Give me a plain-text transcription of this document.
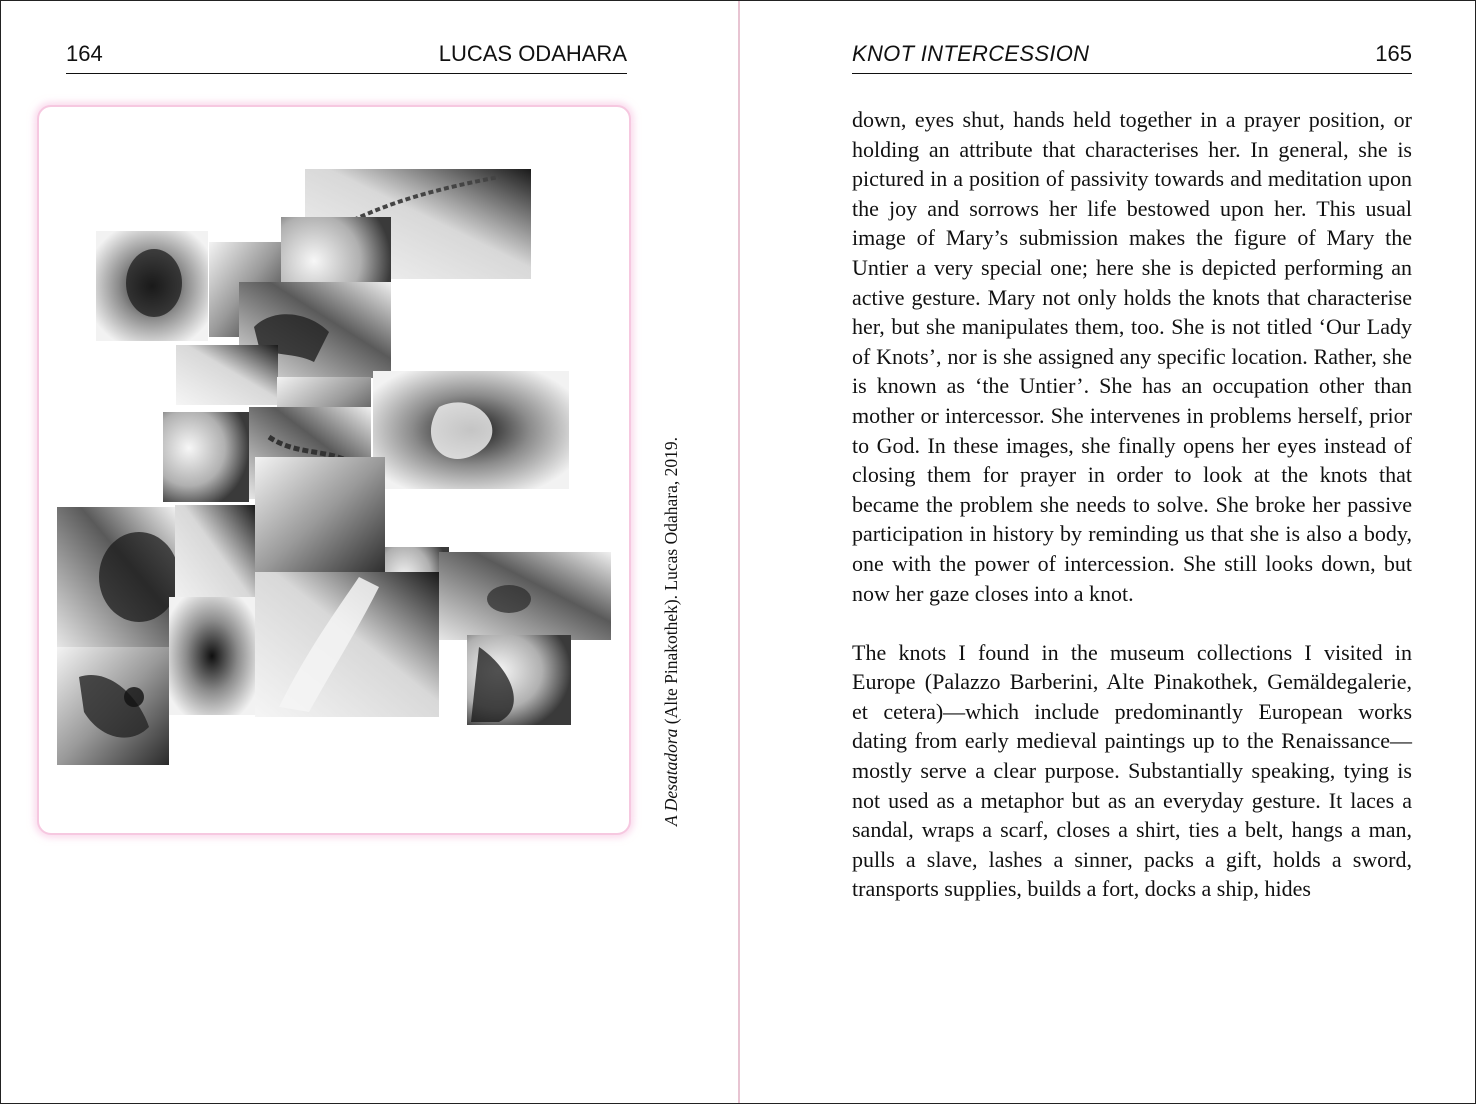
164	LUCAS ODAHARA
A Desatadora (Alte Pinakothek). Lucas Odahara, 2019.
KNOT INTERCESSION	165

down, eyes shut, hands held together in a prayer position, or holding an attribute that characterises her. In general, she is pictured in a position of passivity towards and meditation upon the joy and sorrows her life bestowed upon her. This usual image of Mary’s submission makes the figure of Mary the Untier a very special one; here she is depicted performing an active gesture. Mary not only holds the knots that characterise her, but she manipulates them, too. She is not titled ‘Our Lady of Knots’, nor is she assigned any specific location. Rather, she is known as ‘the Untier’. She has an occupation other than mother or intercessor. She intervenes in problems herself, prior to God. In these images, she finally opens her eyes instead of closing them for prayer in order to look at the knots that became the problem she needs to solve. She broke her passive participation in history by reminding us that she is also a body, one with the power of intercession. She still looks down, but now her gaze closes into a knot.

The knots I found in the museum collections I visited in Europe (Palazzo Barberini, Alte Pinakothek, Gemäldegalerie, et cetera)—which include predominantly European works dating from early medieval paintings up to the Renaissance—mostly serve a clear purpose. Substantially speaking, tying is not used as a metaphor but as an everyday gesture. It laces a sandal, wraps a scarf, closes a shirt, ties a belt, hangs a man, pulls a slave, lashes a sinner, packs a gift, holds a sword, transports supplies, builds a fort, docks a ship, hides
